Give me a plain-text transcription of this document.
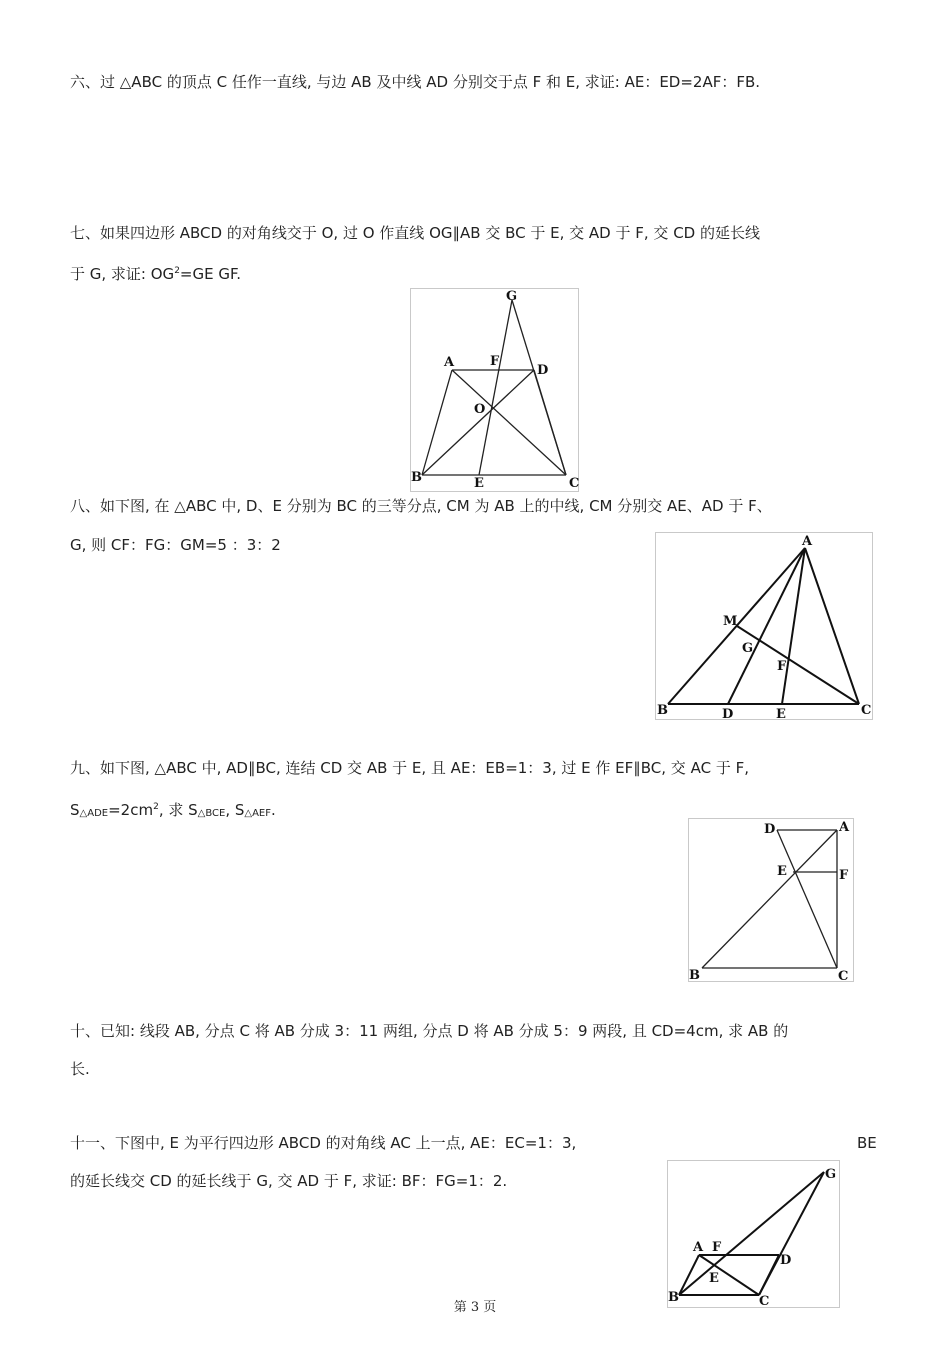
六、过 △ABC 的顶点 C 任作一直线, 与边 AB 及中线 AD 分别交于点 F 和 E, 求证: AE：ED=2AF：FB.
七、如果四边形 ABCD 的对角线交于 O, 过 O 作直线 OG∥AB 交 BC 于 E, 交 AD 于 F, 交 CD 的延长线
于 G, 求证: $OG^2=GE$ GF.
G
A	F
D
O
B	E	C
八、如下图, 在 △ABC 中, D、E 分别为 BC 的三等分点, CM 为 AB 上的中线, CM 分别交 AE、AD 于 F、
G, 则 CF：FG：GM=5 ：3：2	A
M
G
F
B	D	E	C
九、如下图, △ABC 中, AD∥BC, 连结 CD 交 AB 于 E, 且 AE：EB=1：3, 过 E 作 EF∥BC, 交 AC 于 F,
$S_{\triangle ADE}=2cm^2$, 求 $S_{\triangle BCE}$, $S_{\triangle AEF}$.
D	A
E	F
B	C
十、已知: 线段 AB, 分点 C 将 AB 分成 3：11 两组, 分点 D 将 AB 分成 5：9 两段, 且 CD=4cm, 求 AB 的
长.
十一、下图中, E 为平行四边形 ABCD 的对角线 AC 上一点, AE：EC=1：3,	BE
的延长线交 CD 的延长线于 G, 交 AD 于 F, 求证: BF：FG=1：2.	G
A F
D
E
B	C
第 3 页
